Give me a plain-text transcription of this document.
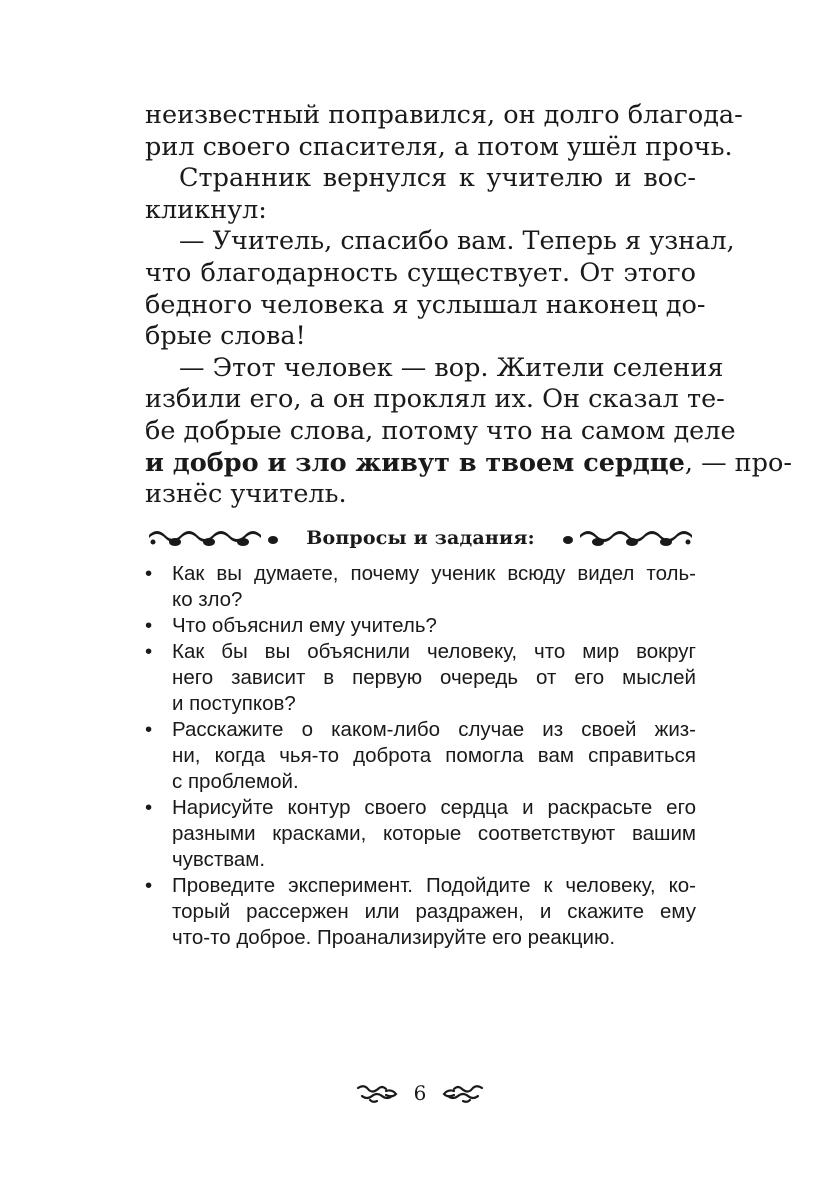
неизвестный поправился, он долго благода-
рил своего спасителя, а потом ушёл прочь.
Странник вернулся к учителю и вос-
кликнул:
— Учитель, спасибо вам. Теперь я узнал,
что благодарность существует. От этого
бедного человека я услышал наконец до-
брые слова!
— Этот человек — вор. Жители селения
избили его, а он проклял их. Он сказал те-
бе добрые слова, потому что на самом деле
и добро и зло живут в твоем сердце, — про-
изнёс учитель.
Вопросы и задания:
• Как вы думаете, почему ученик всюду видел толь-
ко зло?
• Что объяснил ему учитель?
• Как бы вы объяснили человеку, что мир вокруг
него зависит в первую очередь от его мыслей
и поступков?
• Расскажите о каком-либо случае из своей жиз-
ни, когда чья-то доброта помогла вам справиться
с проблемой.
• Нарисуйте контур своего сердца и раскрасьте его
разными красками, которые соответствуют вашим
чувствам.
• Проведите эксперимент. Подойдите к человеку, ко-
торый рассержен или раздражен, и скажите ему
что-то доброе. Проанализируйте его реакцию.
6
